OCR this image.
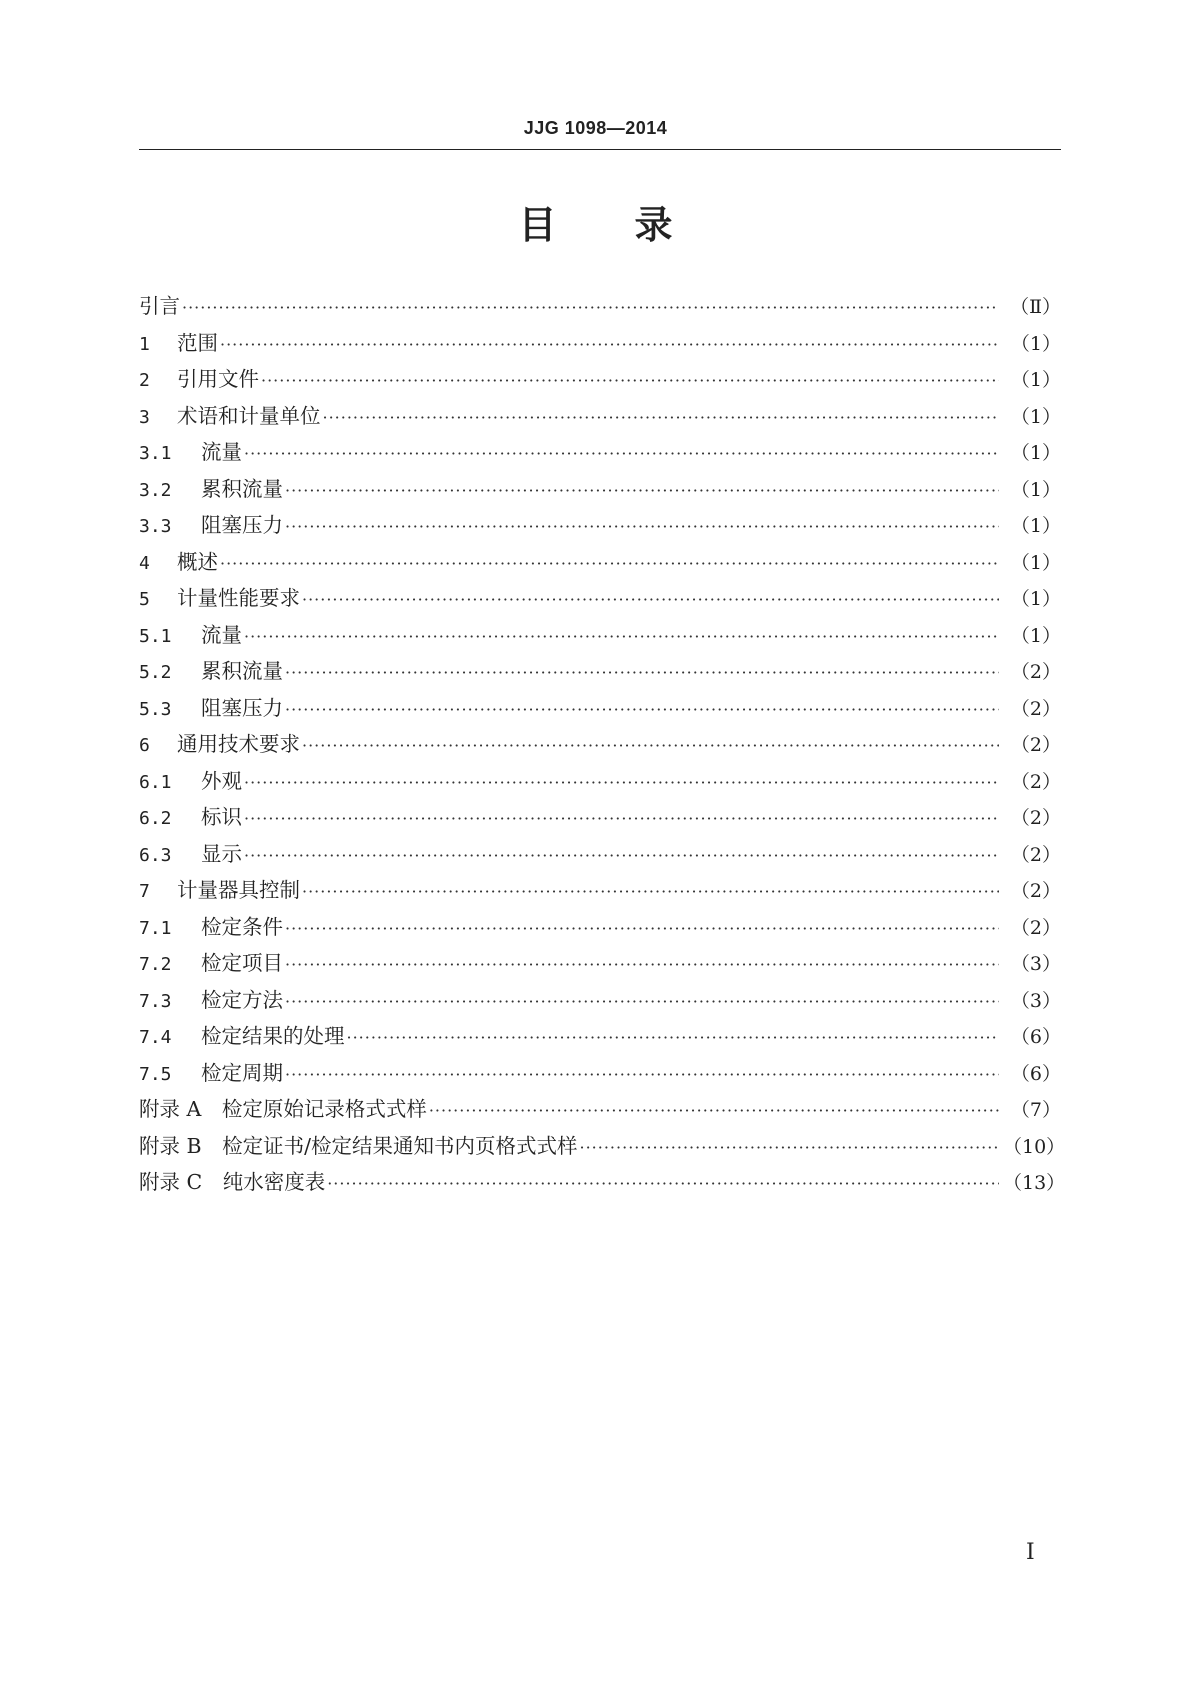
JJG 1098—2014
目 录
引言 ·····	（Ⅱ）
1	范围 ·····	（1）
2	引用文件 ·····	（1）
3	术语和计量单位 ·····	（1）
3.1	流量 ·····	（1）
3.2	累积流量 ·····	（1）
3.3	阻塞压力 ·····	（1）
4	概述 ·····	（1）
5	计量性能要求 ·····	（1）
5.1	流量 ·····	（1）
5.2	累积流量 ·····	（2）
5.3	阻塞压力 ·····	（2）
6	通用技术要求 ·····	（2）
6.1	外观 ·····	（2）
6.2	标识 ·····	（2）
6.3	显示 ·····	（2）
7	计量器具控制 ·····	（2）
7.1	检定条件 ·····	（2）
7.2	检定项目 ·····	（3）
7.3	检定方法 ·····	（3）
7.4	检定结果的处理 ·····	（6）
7.5	检定周期 ·····	（6）
附录 A　检定原始记录格式式样 ·····	（7）
附录 B　检定证书/检定结果通知书内页格式式样 ·····	（10）
附录 C　纯水密度表 ·····	（13）
Ⅰ
